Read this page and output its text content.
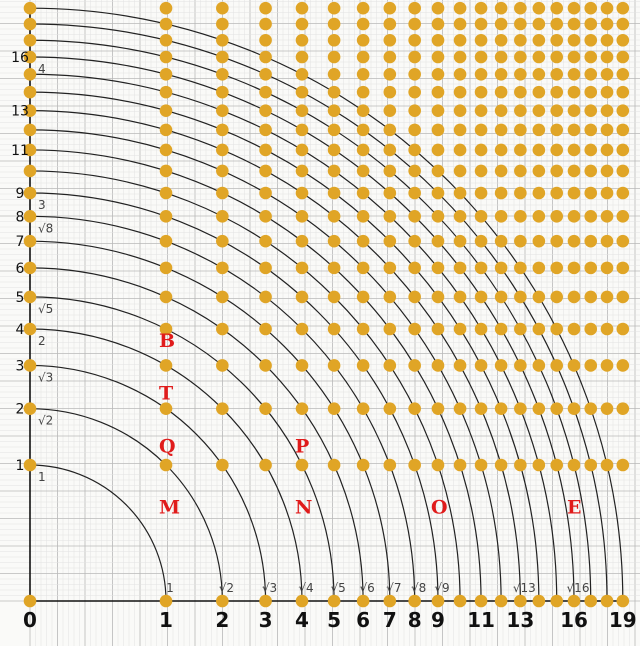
0	1 2 3 4 5 6 7 8 9 11 13 16 19
1	√2 √3 √4 √5 √6 √7 √8 √9	√13	√16
1
2
3
4
5
6
7
8
9
11
13
16
1
√2
√3
2
√5
√8
3
4
M	N	O	E
Q	P
T
B
